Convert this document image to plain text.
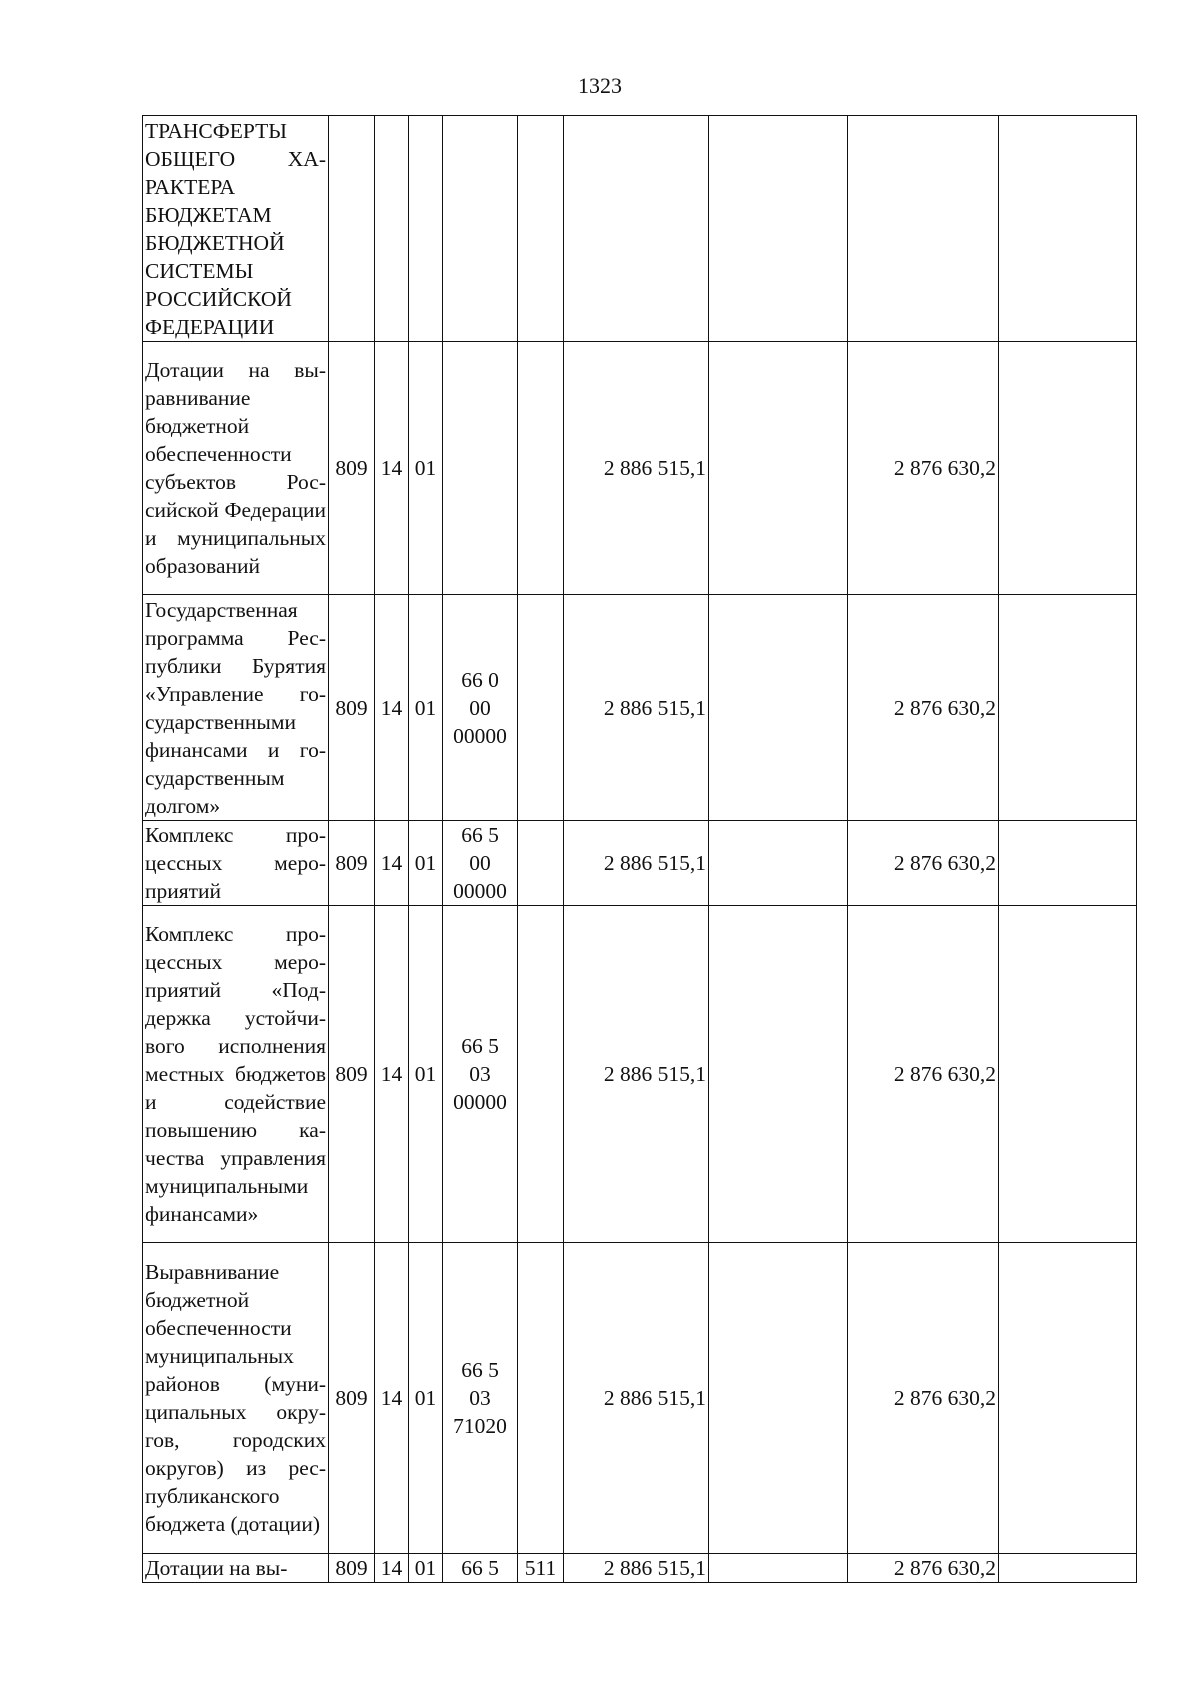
1323
ТРАНСФЕРТЫ ОБЩЕГО ХАРАКТЕРА БЮДЖЕТАМ БЮДЖЕТНОЙ СИСТЕМЫ РОССИЙСКОЙ ФЕДЕРАЦИИ									
Дотации на выравнивание бюджетной обеспеченности субъектов Российской Федерации и муниципальных образований	809	14	01			2 886 515,1		2 876 630,2	
Государственная программа Республики Бурятия «Управление государственными финансами и государственным долгом»	809	14	01	66 0
00
00000		2 886 515,1		2 876 630,2	
Комплекс процессных мероприятий	809	14	01	66 5
00
00000		2 886 515,1		2 876 630,2	
Комплекс процессных мероприятий «Поддержка устойчивого исполнения местных бюджетов и содействие повышению качества управления муниципальными финансами»	809	14	01	66 5
03
00000		2 886 515,1		2 876 630,2	
Выравнивание бюджетной обеспеченности муниципальных районов (муниципальных округов, городских округов) из республиканского бюджета (дотации)	809	14	01	66 5
03
71020		2 886 515,1		2 876 630,2	
Дотации на вы-	809	14	01	66 5	511	2 886 515,1		2 876 630,2	
